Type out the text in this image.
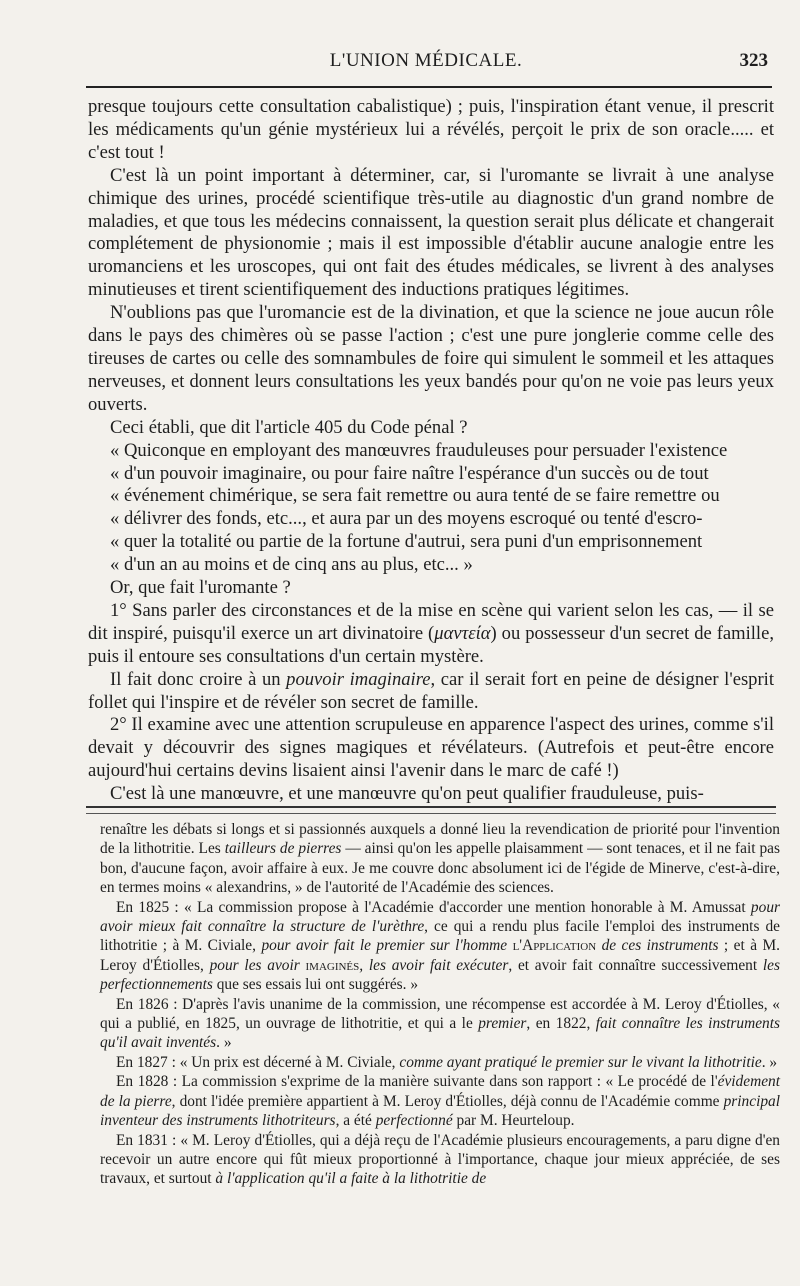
L'UNION MÉDICALE.	323

presque toujours cette consultation cabalistique) ; puis, l'inspiration étant venue, il prescrit les médicaments qu'un génie mystérieux lui a révélés, perçoit le prix de son oracle..... et c'est tout !

C'est là un point important à déterminer, car, si l'uromante se livrait à une analyse chimique des urines, procédé scientifique très-utile au diagnostic d'un grand nombre de maladies, et que tous les médecins connaissent, la question serait plus délicate et changerait complétement de physionomie ; mais il est impossible d'établir aucune analogie entre les uromanciens et les uroscopes, qui ont fait des études médicales, se livrent à des analyses minutieuses et tirent scientifiquement des inductions pratiques légitimes.

N'oublions pas que l'uromancie est de la divination, et que la science ne joue aucun rôle dans le pays des chimères où se passe l'action ; c'est une pure jonglerie comme celle des tireuses de cartes ou celle des somnambules de foire qui simulent le sommeil et les attaques nerveuses, et donnent leurs consultations les yeux bandés pour qu'on ne voie pas leurs yeux ouverts.

Ceci établi, que dit l'article 405 du Code pénal ?

« Quiconque en employant des manœuvres frauduleuses pour persuader l'existence
« d'un pouvoir imaginaire, ou pour faire naître l'espérance d'un succès ou de tout
« événement chimérique, se sera fait remettre ou aura tenté de se faire remettre ou
« délivrer des fonds, etc..., et aura par un des moyens escroqué ou tenté d'escro-
« quer la totalité ou partie de la fortune d'autrui, sera puni d'un emprisonnement
« d'un an au moins et de cinq ans au plus, etc... »

Or, que fait l'uromante ?

1° Sans parler des circonstances et de la mise en scène qui varient selon les cas, — il se dit inspiré, puisqu'il exerce un art divinatoire (μαντεία) ou possesseur d'un secret de famille, puis il entoure ses consultations d'un certain mystère.

Il fait donc croire à un pouvoir imaginaire, car il serait fort en peine de désigner l'esprit follet qui l'inspire et de révéler son secret de famille.

2° Il examine avec une attention scrupuleuse en apparence l'aspect des urines, comme s'il devait y découvrir des signes magiques et révélateurs. (Autrefois et peut-être encore aujourd'hui certains devins lisaient ainsi l'avenir dans le marc de café !)

C'est là une manœuvre, et une manœuvre qu'on peut qualifier frauduleuse, puis-

renaître les débats si longs et si passionnés auxquels a donné lieu la revendication de priorité pour l'invention de la lithotritie. Les tailleurs de pierres — ainsi qu'on les appelle plaisamment — sont tenaces, et il ne fait pas bon, d'aucune façon, avoir affaire à eux. Je me couvre donc absolument ici de l'égide de Minerve, c'est-à-dire, en termes moins « alexandrins, » de l'autorité de l'Académie des sciences.

En 1825 : « La commission propose à l'Académie d'accorder une mention honorable à M. Amussat pour avoir mieux fait connaître la structure de l'urèthre, ce qui a rendu plus facile l'emploi des instruments de lithotritie ; à M. Civiale, pour avoir fait le premier sur l'homme l'Application de ces instruments ; et à M. Leroy d'Étiolles, pour les avoir imaginés, les avoir fait exécuter, et avoir fait connaître successivement les perfectionnements que ses essais lui ont suggérés. »

En 1826 : D'après l'avis unanime de la commission, une récompense est accordée à M. Leroy d'Étiolles, « qui a publié, en 1825, un ouvrage de lithotritie, et qui a le premier, en 1822, fait connaître les instruments qu'il avait inventés. »

En 1827 : « Un prix est décerné à M. Civiale, comme ayant pratiqué le premier sur le vivant la lithotritie. »

En 1828 : La commission s'exprime de la manière suivante dans son rapport : « Le procédé de l'évidement de la pierre, dont l'idée première appartient à M. Leroy d'Étiolles, déjà connu de l'Académie comme principal inventeur des instruments lithotriteurs, a été perfectionné par M. Heurteloup.

En 1831 : « M. Leroy d'Étiolles, qui a déjà reçu de l'Académie plusieurs encouragements, a paru digne d'en recevoir un autre encore qui fût mieux proportionné à l'importance, chaque jour mieux appréciée, de ses travaux, et surtout à l'application qu'il a faite à la lithotritie de
